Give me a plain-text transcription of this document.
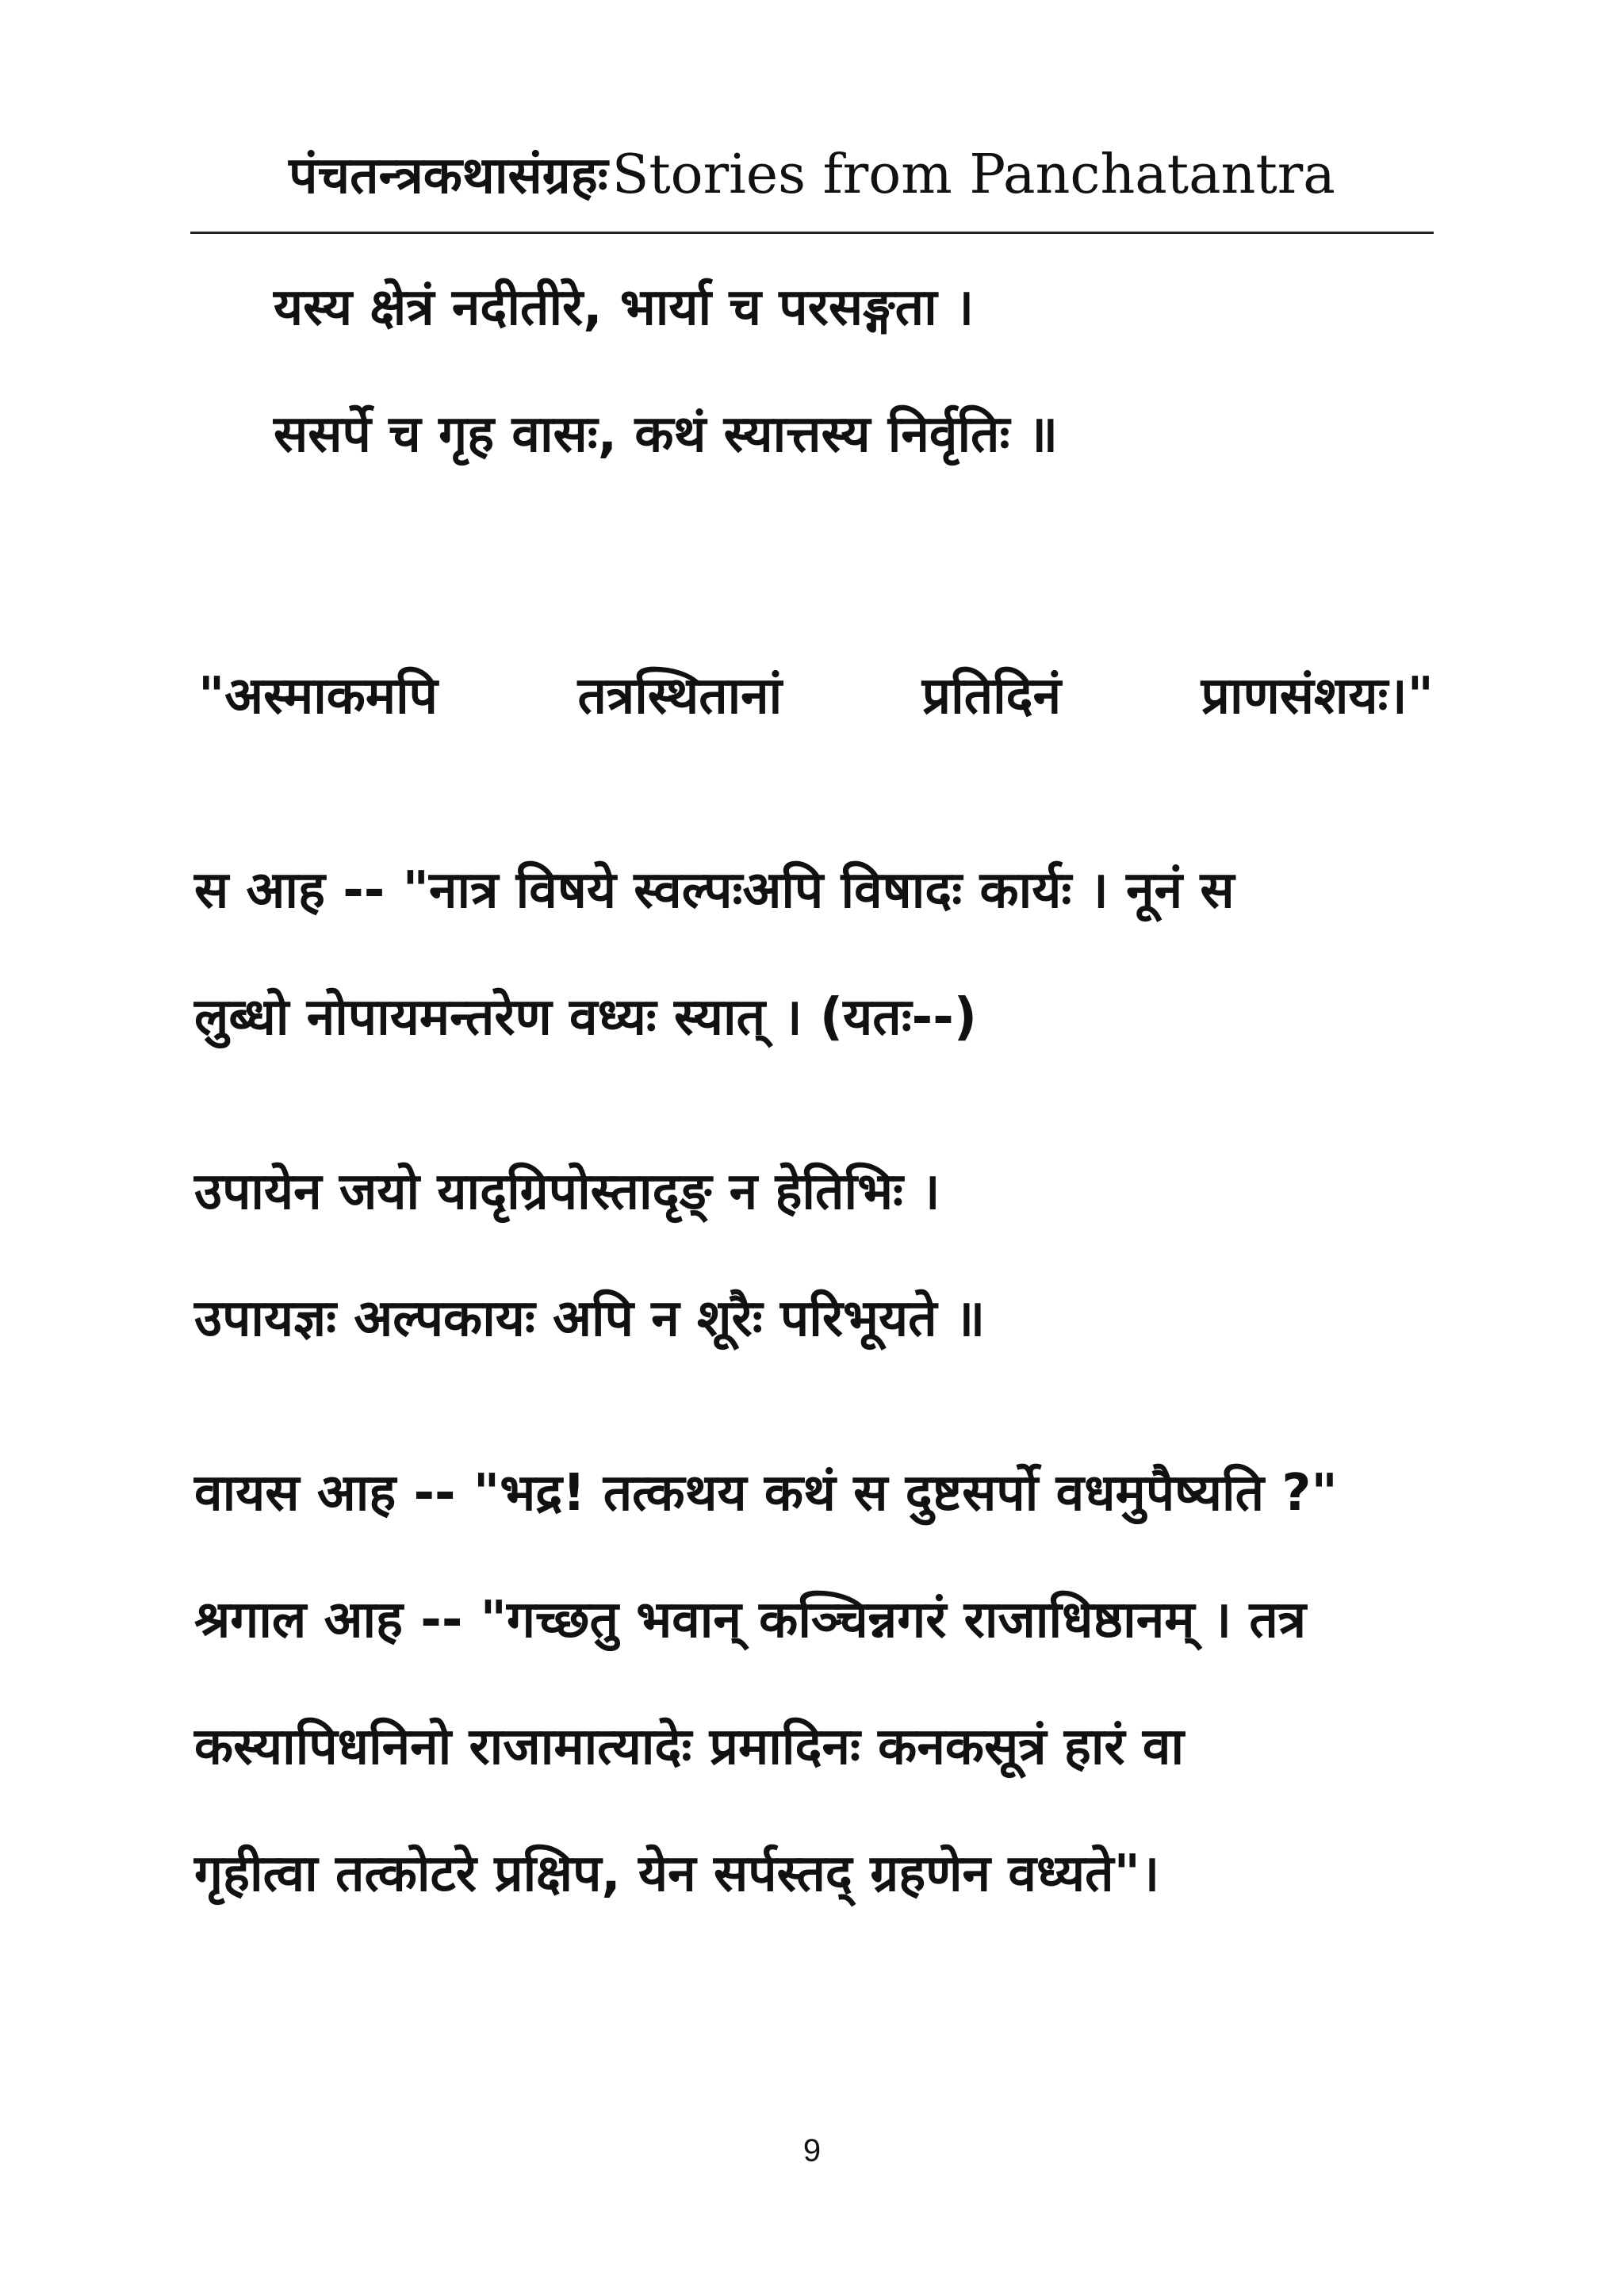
पंचतन्त्रकथासंग्रहः Stories from Panchatantra
यस्य क्षेत्रं नदीतीरे, भार्या च परसङ्गता ।
ससर्पे च गृह वासः, कथं स्यात्तस्य निर्वृतिः ॥
"अस्माकमपि	तत्रस्थितानां	प्रतिदिनं	प्राणसंशयः।"
स आह -- "नात्र विषये स्वल्पःअपि विषादः कार्यः । नूनं स
लुब्धो नोपायमन्तरेण वध्यः स्यात् । (यतः--)
उपायेन जयो यादृग्रिपोस्तादृङ् न हेतिभिः ।
उपायज्ञः अल्पकायः अपि न शूरैः परिभूयते ॥
वायस आह -- "भद्र! तत्कथय कथं स दुष्टसर्पो वधमुपैष्यति ?"
श्रगाल आह -- "गच्छतु भवान् कञ्चिन्नगरं राजाधिष्ठानम् । तत्र
कस्यापिधनिनो राजामात्यादेः प्रमादिनः कनकसूत्रं हारं वा
गृहीत्वा तत्कोटरे प्रक्षिप, येन सर्पस्तद् ग्रहणेन वध्यते"।
9
